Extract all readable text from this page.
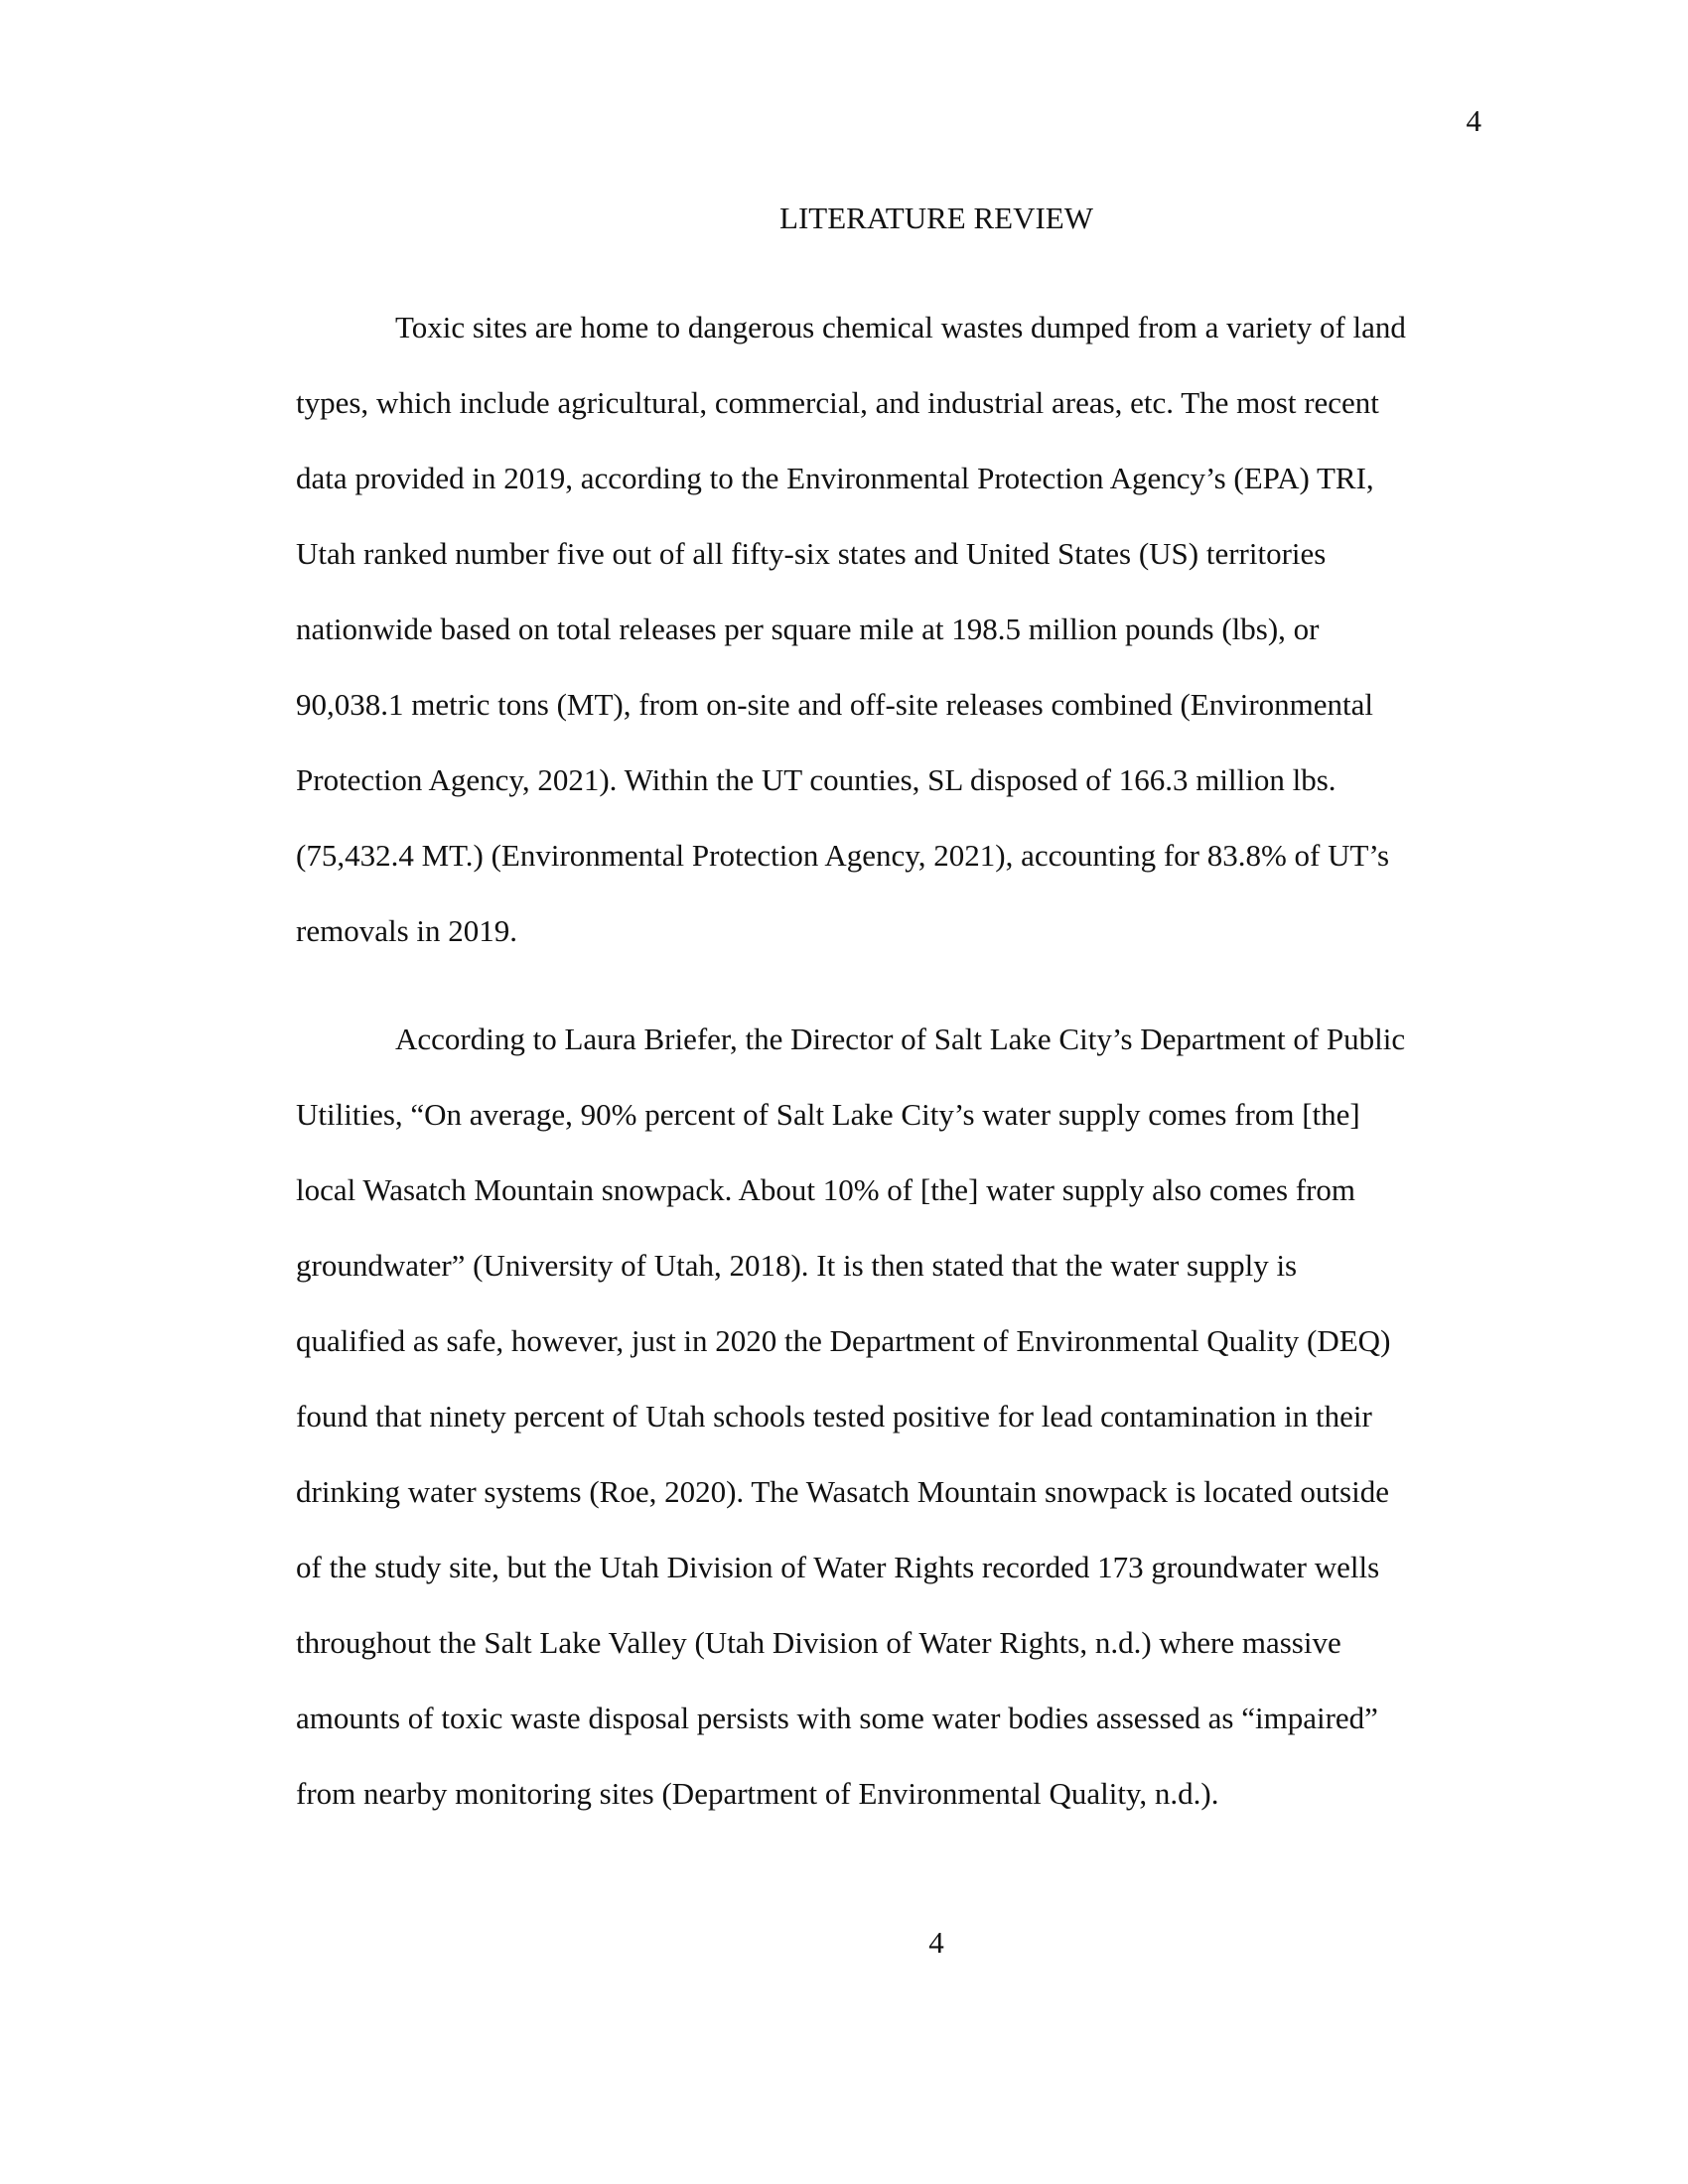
4
LITERATURE REVIEW

Toxic sites are home to dangerous chemical wastes dumped from a variety of land
types, which include agricultural, commercial, and industrial areas, etc. The most recent
data provided in 2019, according to the Environmental Protection Agency’s (EPA) TRI,
Utah ranked number five out of all fifty-six states and United States (US) territories
nationwide based on total releases per square mile at 198.5 million pounds (lbs), or
90,038.1 metric tons (MT), from on-site and off-site releases combined (Environmental
Protection Agency, 2021). Within the UT counties, SL disposed of 166.3 million lbs.
(75,432.4 MT.) (Environmental Protection Agency, 2021), accounting for 83.8% of UT’s
removals in 2019.

According to Laura Briefer, the Director of Salt Lake City’s Department of Public
Utilities, “On average, 90% percent of Salt Lake City’s water supply comes from [the]
local Wasatch Mountain snowpack. About 10% of [the] water supply also comes from
groundwater” (University of Utah, 2018). It is then stated that the water supply is
qualified as safe, however, just in 2020 the Department of Environmental Quality (DEQ)
found that ninety percent of Utah schools tested positive for lead contamination in their
drinking water systems (Roe, 2020). The Wasatch Mountain snowpack is located outside
of the study site, but the Utah Division of Water Rights recorded 173 groundwater wells
throughout the Salt Lake Valley (Utah Division of Water Rights, n.d.) where massive
amounts of toxic waste disposal persists with some water bodies assessed as “impaired”
from nearby monitoring sites (Department of Environmental Quality, n.d.).

4
